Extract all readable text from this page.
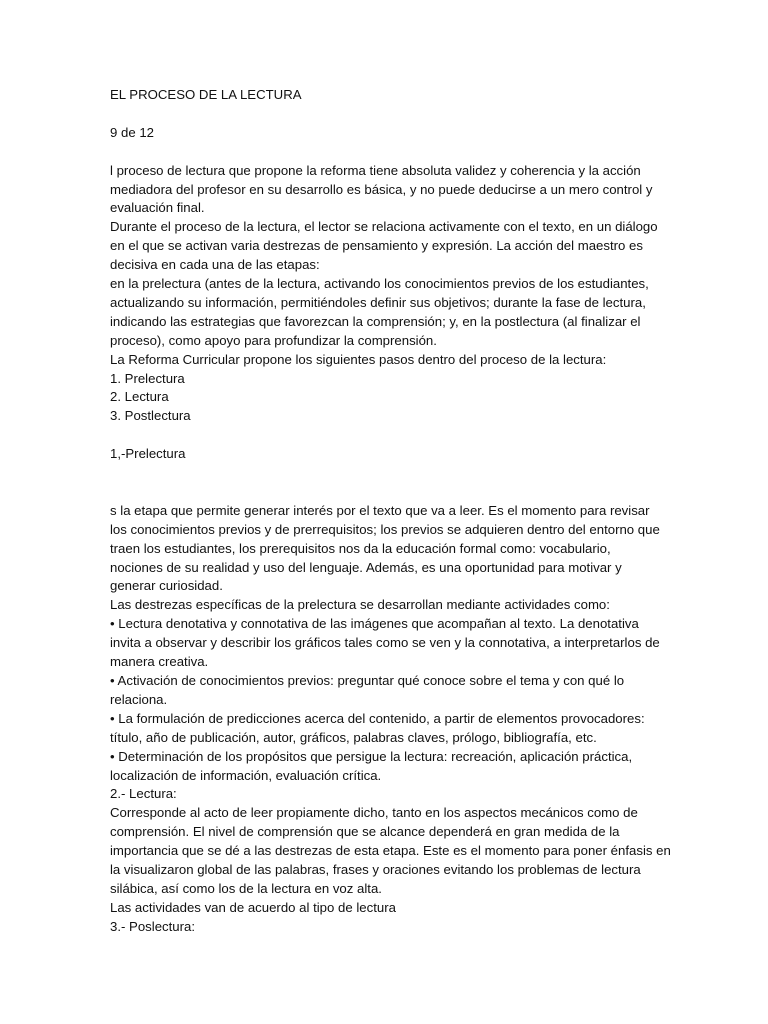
EL PROCESO DE LA LECTURA
9 de 12
l proceso de lectura que propone la reforma tiene absoluta validez y coherencia y la acción
mediadora del profesor en su desarrollo es básica, y no puede deducirse a un mero control y
evaluación final.
Durante el proceso de la lectura, el lector se relaciona activamente con el texto, en un diálogo
en el que se activan varia destrezas de pensamiento y expresión. La acción del maestro es
decisiva en cada una de las etapas:
en la prelectura (antes de la lectura, activando los conocimientos previos de los estudiantes,
actualizando su información, permitiéndoles definir sus objetivos; durante la fase de lectura,
indicando las estrategias que favorezcan la comprensión; y, en la postlectura (al finalizar el
proceso), como apoyo para profundizar la comprensión.
La Reforma Curricular propone los siguientes pasos dentro del proceso de la lectura:
1. Prelectura
2. Lectura
3. Postlectura
1,-Prelectura
s la etapa que permite generar interés por el texto que va a leer. Es el momento para revisar
los conocimientos previos y de prerrequisitos; los previos se adquieren dentro del entorno que
traen los estudiantes, los prerequisitos nos da la educación formal como: vocabulario,
nociones de su realidad y uso del lenguaje. Además, es una oportunidad para motivar y
generar curiosidad.
Las destrezas específicas de la prelectura se desarrollan mediante actividades como:
• Lectura denotativa y connotativa de las imágenes que acompañan al texto. La denotativa
invita a observar y describir los gráficos tales como se ven y la connotativa, a interpretarlos de
manera creativa.
• Activación de conocimientos previos: preguntar qué conoce sobre el tema y con qué lo
relaciona.
• La formulación de predicciones acerca del contenido, a partir de elementos provocadores:
título, año de publicación, autor, gráficos, palabras claves, prólogo, bibliografía, etc.
• Determinación de los propósitos que persigue la lectura: recreación, aplicación práctica,
localización de información, evaluación crítica.
2.- Lectura:
Corresponde al acto de leer propiamente dicho, tanto en los aspectos mecánicos como de
comprensión. El nivel de comprensión que se alcance dependerá en gran medida de la
importancia que se dé a las destrezas de esta etapa. Este es el momento para poner énfasis en
la visualizaron global de las palabras, frases y oraciones evitando los problemas de lectura
silábica, así como los de la lectura en voz alta.
Las actividades van de acuerdo al tipo de lectura
3.- Poslectura:
